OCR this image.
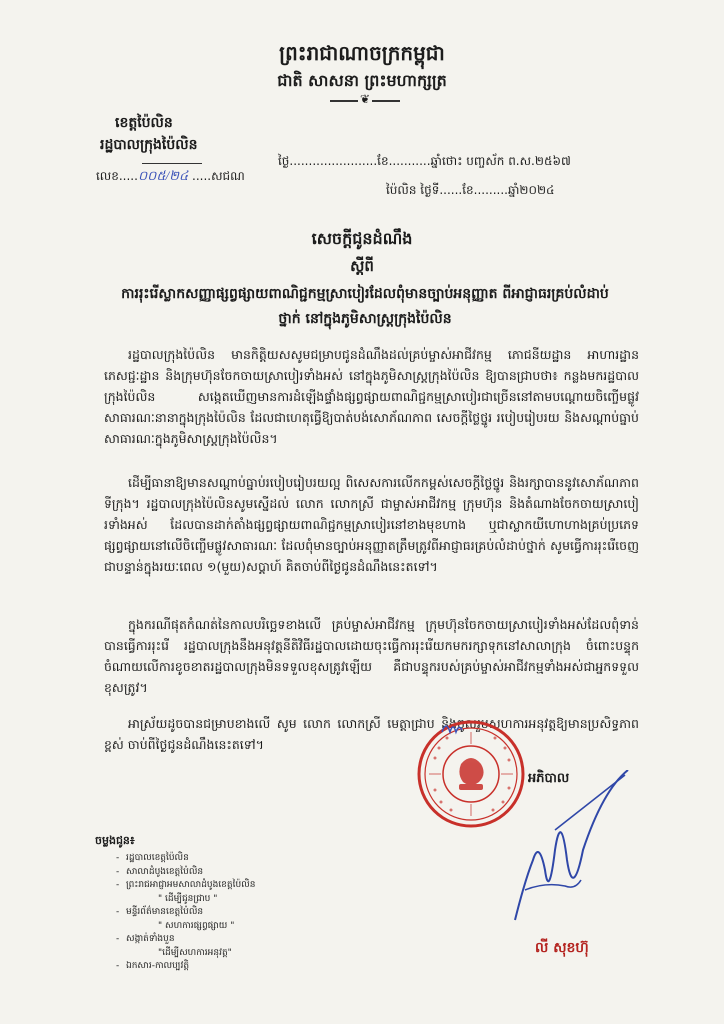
ព្រះរាជាណាចក្រកម្ពុជា
ជាតិ សាសនា ព្រះមហាក្សត្រ
❦
ខេត្តប៉ៃលិន
រដ្ឋបាលក្រុងប៉ៃលិន
លេខ.....០០៥/២៤ .....សជណ
ថ្ងៃ.......................ខែ...........ឆ្នាំថោះ បញ្ចស័ក ព.ស.២៥៦៧
ប៉ៃលិន ថ្ងៃទី......ខែ.........ឆ្នាំ២០២៤
សេចក្ដីជូនដំណឹង
ស្ដីពី
ការរុះរើស្លាកសញ្ញាផ្សព្វផ្សាយពាណិជ្ជកម្មស្រាបៀរដែលពុំមានច្បាប់អនុញ្ញាត ពីអាជ្ញាធរគ្រប់លំដាប់ថ្នាក់ នៅក្នុងភូមិសាស្ត្រក្រុងប៉ៃលិន
រដ្ឋបាលក្រុងប៉ៃលិន មានកិត្តិយសសូមជម្រាបជូនដំណឹងដល់គ្រប់ម្ចាស់អាជីវកម្ម ភោជនីយដ្ឋាន អាហារដ្ឋាន ភេសជ្ជៈដ្ឋាន និងក្រុមហ៊ុនចែកចាយស្រាបៀរទាំងអស់ នៅក្នុងភូមិសាស្ត្រក្រុងប៉ៃលិន ឱ្យបានជ្រាបថា៖ កន្លងមករដ្ឋបាលក្រុងប៉ៃលិន សង្កេតឃើញមានការដំឡើងផ្ទាំងផ្សព្វផ្សាយពាណិជ្ជកម្មស្រាបៀរជាច្រើននៅតាមបណ្ដោយចិញ្ចើមផ្លូវសាធារណៈនានាក្នុងក្រុងប៉ៃលិន ដែលជាហេតុធ្វើឱ្យបាត់បង់សោភ័ណភាព សេចក្ដីថ្លៃថ្នូរ របៀបរៀបរយ និងសណ្ដាប់ធ្នាប់សាធារណៈក្នុងភូមិសាស្ត្រក្រុងប៉ៃលិន។
ដើម្បីធានាឱ្យមានសណ្ដាប់ធ្នាប់របៀបរៀបរយល្អ ពិសេសការលើកកម្ពស់សេចក្ដីថ្លៃថ្នូរ និងរក្សាបាននូវសោភ័ណភាពទីក្រុង។ រដ្ឋបាលក្រុងប៉ៃលិនសូមស្នើដល់ លោក លោកស្រី ជាម្ចាស់អាជីវកម្ម ក្រុមហ៊ុន និងតំណាងចែកចាយស្រាបៀរទាំងអស់ ដែលបានដាក់តាំងផ្សព្វផ្សាយពាណិជ្ជកម្មស្រាបៀរនៅខាងមុខហាង ឬជាស្លាកយីហោហាងគ្រប់ប្រភេទ ផ្សព្វផ្សាយនៅលើចិញ្ចើមផ្លូវសាធារណៈ ដែលពុំមានច្បាប់អនុញ្ញាតត្រឹមត្រូវពីអាជ្ញាធរគ្រប់លំដាប់ថ្នាក់ សូមធ្វើការរុះរើចេញជាបន្ទាន់ក្នុងរយៈពេល ១(មួយ)សប្ដាហ៍ គិតចាប់ពីថ្ងៃជូនដំណឹងនេះតទៅ។
ក្នុងករណីផុតកំណត់នៃកាលបរិច្ឆេទខាងលើ គ្រប់ម្ចាស់អាជីវកម្ម ក្រុមហ៊ុនចែកចាយស្រាបៀរទាំងអស់ដែលពុំទាន់បានធ្វើការរុះរើ រដ្ឋបាលក្រុងនឹងអនុវត្តនីតិវិធីរដ្ឋបាលដោយចុះធ្វើការរុះរើយកមករក្សាទុកនៅសាលាក្រុង ចំពោះបន្ទុកចំណាយលើការខូចខាតរដ្ឋបាលក្រុងមិនទទួលខុសត្រូវឡើយ គឺជាបន្ទុករបស់គ្រប់ម្ចាស់អាជីវកម្មទាំងអស់ជាអ្នកទទួលខុសត្រូវ។
អាស្រ័យដូចបានជម្រាបខាងលើ សូម លោក លោកស្រី មេត្តាជ្រាប និងចូលរួមសហការអនុវត្តឱ្យមានប្រសិទ្ធភាពខ្ពស់ ចាប់ពីថ្ងៃជូនដំណឹងនេះតទៅ។
អភិបាល
លី សុខហ៊ុ
ចម្លងជូន៖
- រដ្ឋបាលខេត្តប៉ៃលិន
- សាលាដំបូងខេត្តប៉ៃលិន
- ព្រះរាជអាជ្ញាអមសាលាដំបូងខេត្តប៉ៃលិន
" ដើម្បីជូនជ្រាប "
- មន្ទីរព័ត៌មានខេត្តប៉ៃលិន
" សហការផ្សព្វផ្សាយ "
- សង្កាត់ទាំងបួន
"ដើម្បីសហការអនុវត្ត"
- ឯកសារ-កាលប្បវត្តិ
